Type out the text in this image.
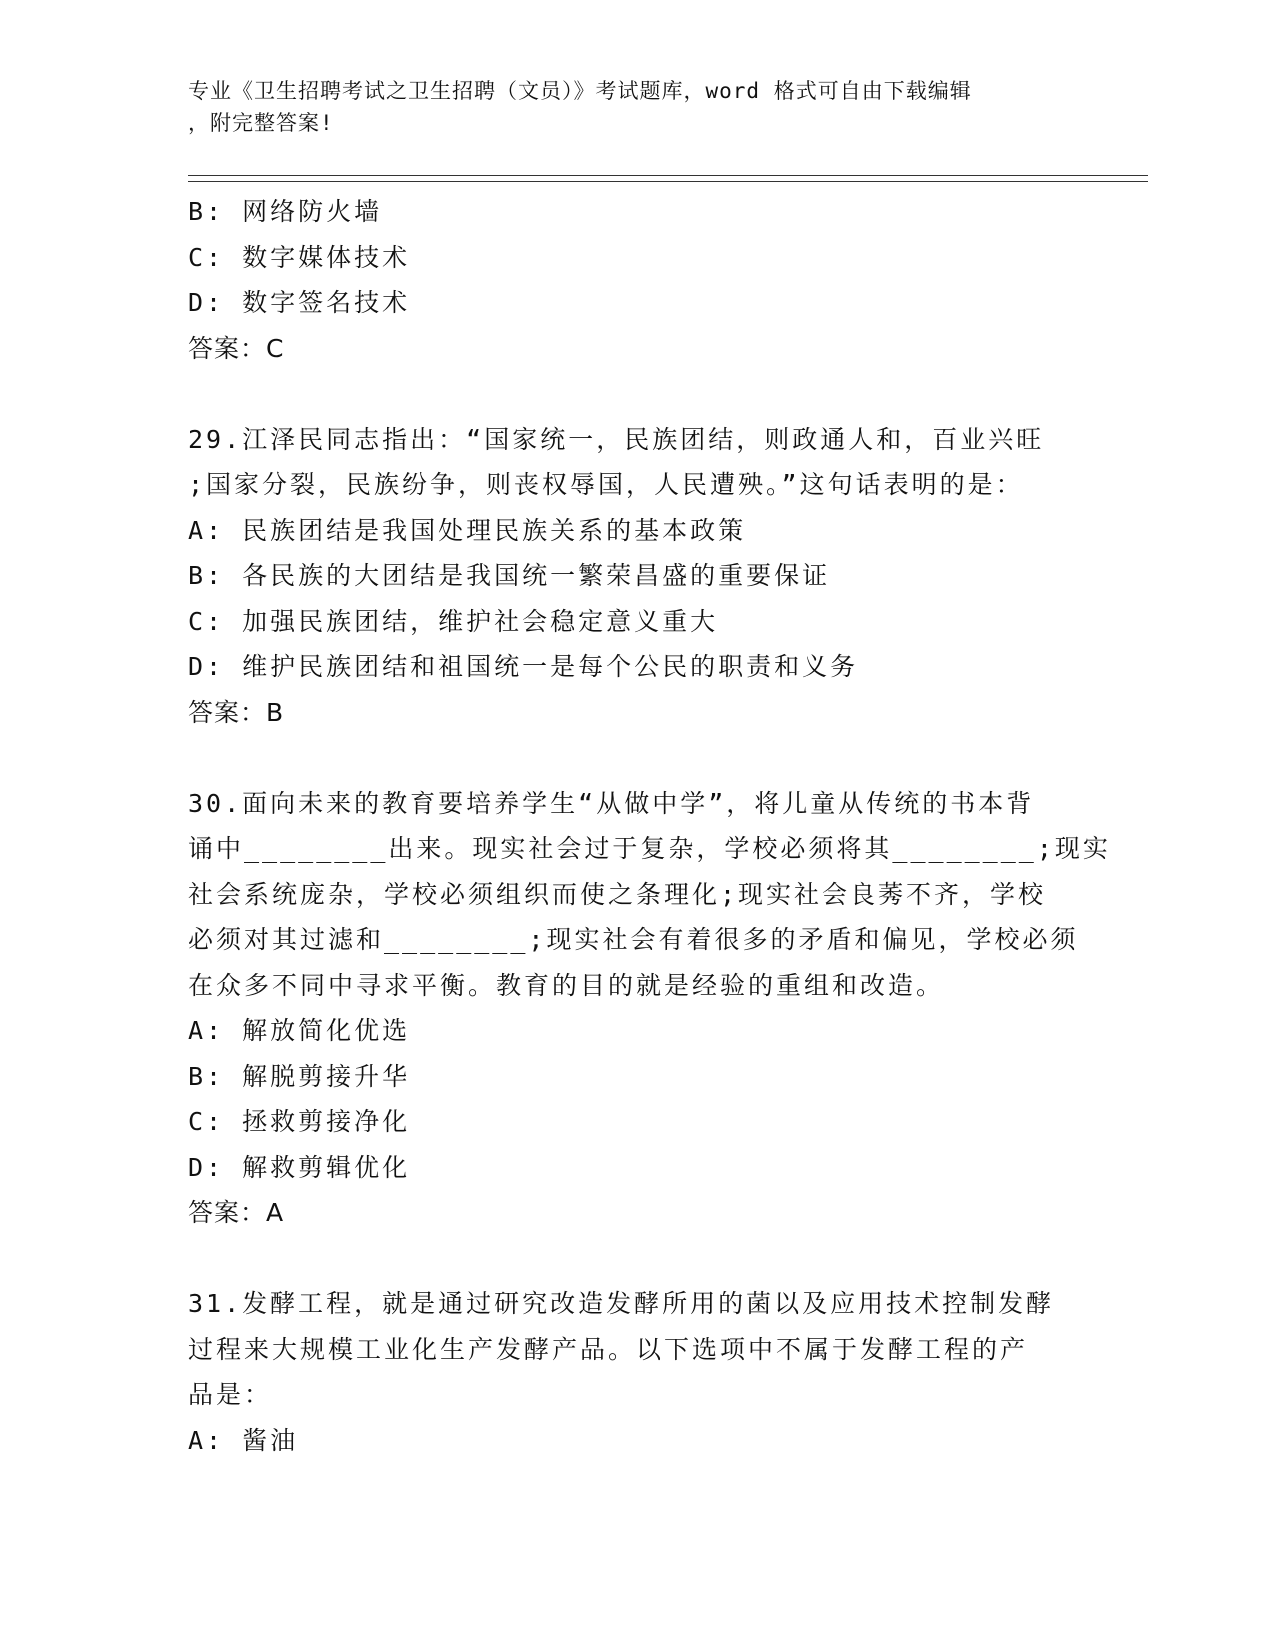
专业《卫生招聘考试之卫生招聘（文员）》考试题库，word 格式可自由下载编辑
，附完整答案!
B: 网络防火墙
C: 数字媒体技术
D: 数字签名技术
答案：C
29.江泽民同志指出：“国家统一，民族团结，则政通人和，百业兴旺
;国家分裂，民族纷争，则丧权辱国，人民遭殃。”这句话表明的是：
A: 民族团结是我国处理民族关系的基本政策
B: 各民族的大团结是我国统一繁荣昌盛的重要保证
C: 加强民族团结，维护社会稳定意义重大
D: 维护民族团结和祖国统一是每个公民的职责和义务
答案：B
30.面向未来的教育要培养学生“从做中学”，将儿童从传统的书本背
诵中________出来。现实社会过于复杂，学校必须将其________;现实
社会系统庞杂，学校必须组织而使之条理化;现实社会良莠不齐，学校
必须对其过滤和________;现实社会有着很多的矛盾和偏见，学校必须
在众多不同中寻求平衡。教育的目的就是经验的重组和改造。
A: 解放简化优选
B: 解脱剪接升华
C: 拯救剪接净化
D: 解救剪辑优化
答案：A
31.发酵工程，就是通过研究改造发酵所用的菌以及应用技术控制发酵
过程来大规模工业化生产发酵产品。以下选项中不属于发酵工程的产
品是：
A: 酱油
